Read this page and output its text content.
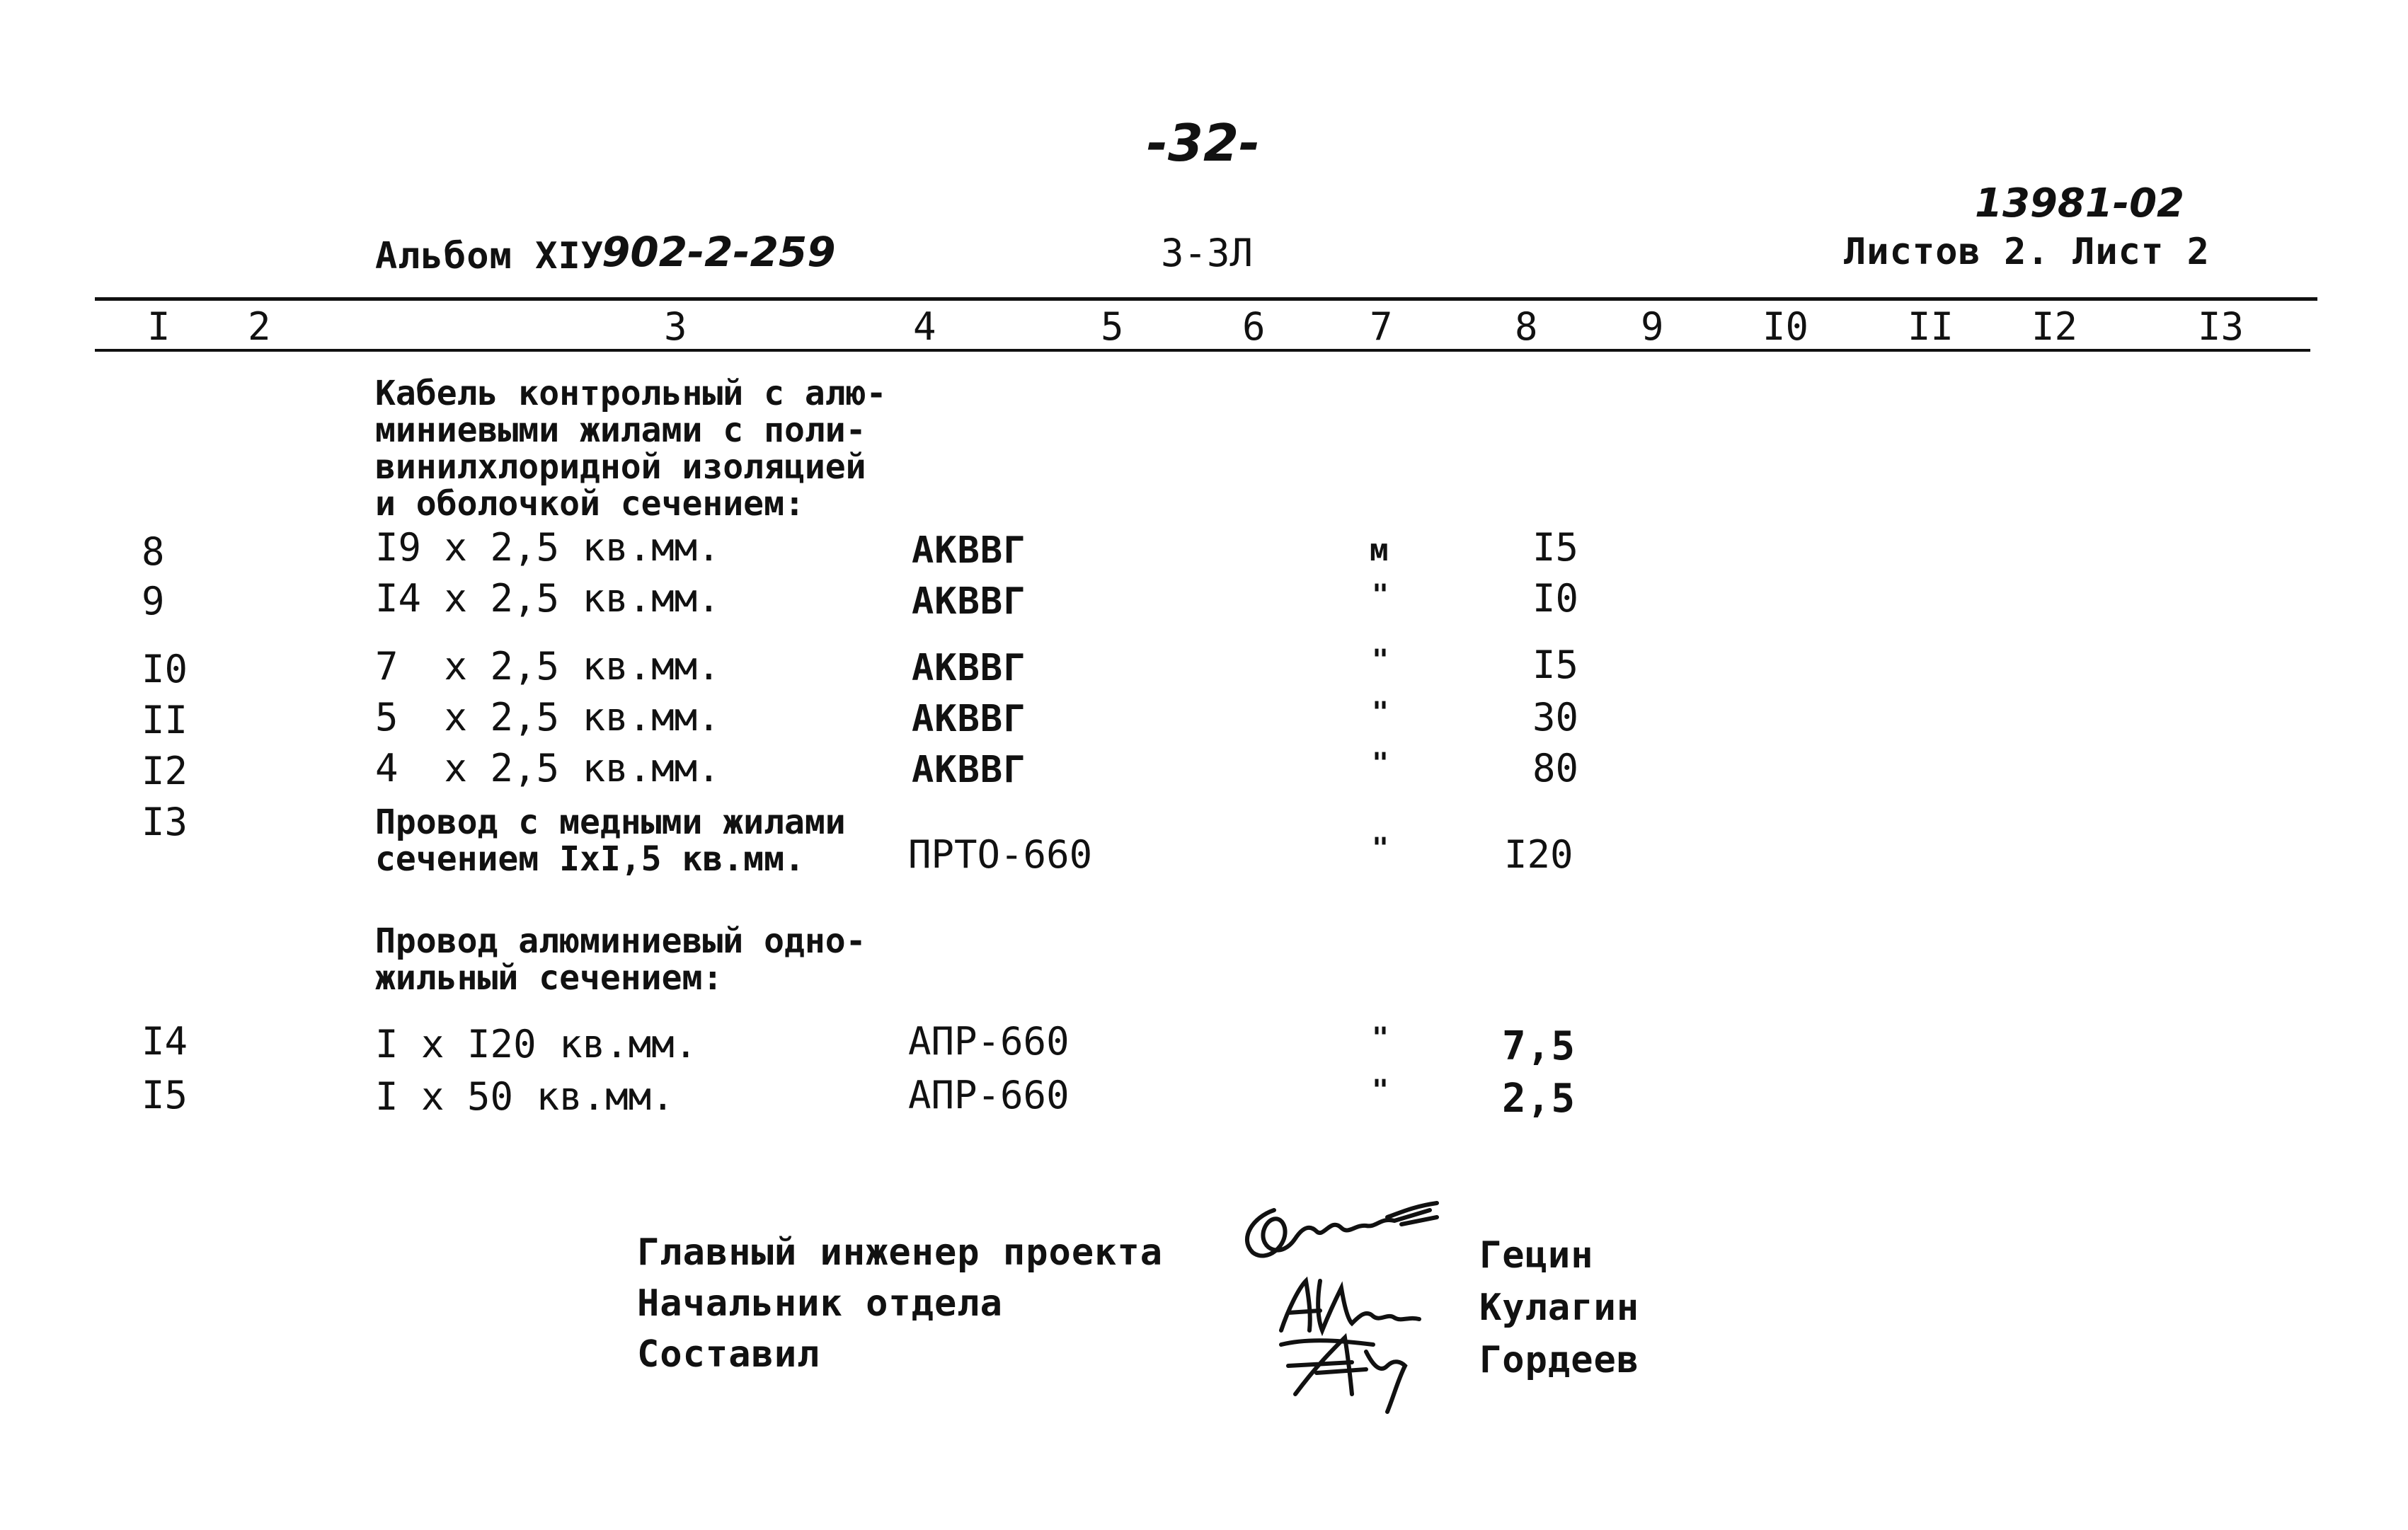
-32-
13981-02
Альбом XIУ
902-2-259	3-3Л	Листов 2. Лист 2
I 2	3	4	5	6	7	8	9	I0	II I2	I3
Кабель контрольный с алю-
миниевыми жилами с поли-
винилхлоридной изоляцией
и оболочкой сечением:
8	I9 x 2,5 кв.мм.	АКВВГ	м	I5
9	I4 x 2,5 кв.мм.	АКВВГ	"	I0
I0	7  x 2,5 кв.мм.	АКВВГ	"	I5
II	5  x 2,5 кв.мм.	АКВВГ	"	30
I2	4  x 2,5 кв.мм.	АКВВГ	"	80
I3	Провод с медными жилами
сечением IxI,5 кв.мм.	ПРТО-660	"	I20
Провод алюминиевый одно-
жильный сечением:
I4	I x I20 кв.мм.	АПР-660	"	7,5
I5	I x 50 кв.мм.	АПР-660	"	2,5
Главный инженер проекта
Начальник отдела
Составил
Гецин
Кулагин
Гордеев
